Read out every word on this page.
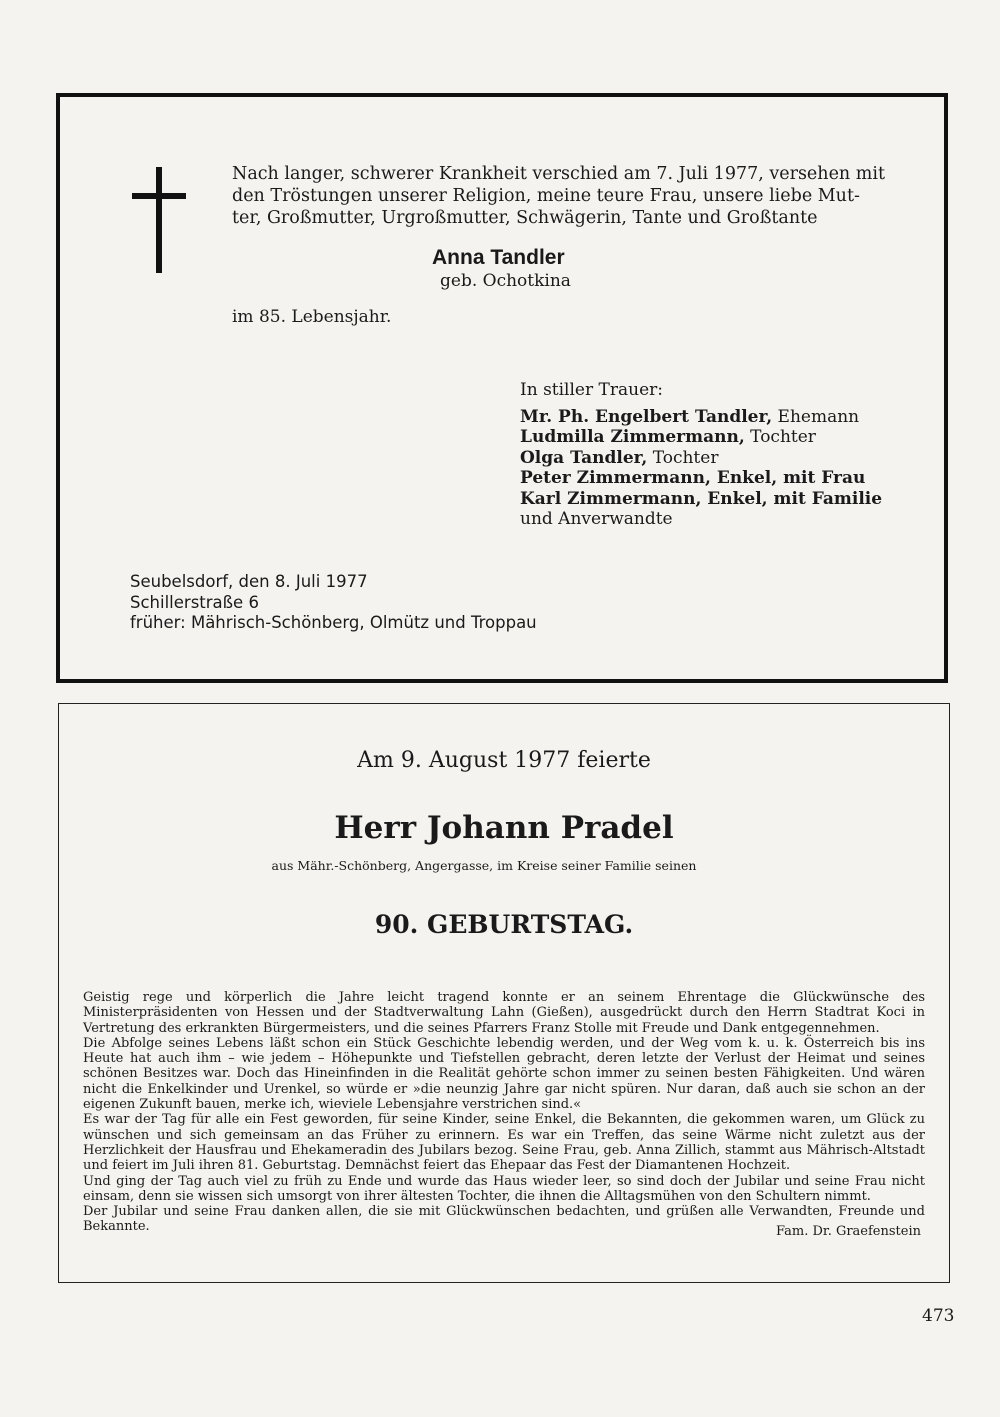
Nach langer, schwerer Krankheit verschied am 7. Juli 1977, versehen mit
den Tröstungen unserer Religion, meine teure Frau, unsere liebe Mut-
ter, Großmutter, Urgroßmutter, Schwägerin, Tante und Großtante

Anna Tandler

geb. Ochotkina

im 85. Lebensjahr.

In stiller Trauer:

Mr. Ph. Engelbert Tandler, Ehemann
Ludmilla Zimmermann, Tochter
Olga Tandler, Tochter
Peter Zimmermann, Enkel, mit Frau
Karl Zimmermann, Enkel, mit Familie

und Anverwandte

Seubelsdorf, den 8. Juli 1977

Schillerstraße 6

früher: Mährisch-Schönberg, Olmütz und Troppau

Am 9. August 1977 feierte

Herr Johann Pradel

aus Mähr.-Schönberg, Angergasse, im Kreise seiner Familie seinen

90. GEBURTSTAG.

Geistig rege und körperlich die Jahre leicht tragend konnte er an seinem Ehrentage die Glückwünsche des Ministerpräsidenten von Hessen und der Stadtverwaltung Lahn (Gießen), ausgedrückt durch den Herrn Stadtrat Koci in Vertretung des erkrankten Bürgermeisters, und die seines Pfarrers Franz Stolle mit Freude und Dank entgegennehmen.

Die Abfolge seines Lebens läßt schon ein Stück Geschichte lebendig werden, und der Weg vom k. u. k. Österreich bis ins Heute hat auch ihm – wie jedem – Höhepunkte und Tiefstellen gebracht, deren letzte der Verlust der Heimat und seines schönen Besitzes war. Doch das Hineinfinden in die Realität gehörte schon immer zu seinen besten Fähigkeiten. Und wären nicht die Enkelkinder und Urenkel, so würde er »die neunzig Jahre gar nicht spüren. Nur daran, daß auch sie schon an der eigenen Zukunft bauen, merke ich, wieviele Lebensjahre verstrichen sind.«

Es war der Tag für alle ein Fest geworden, für seine Kinder, seine Enkel, die Bekannten, die gekommen waren, um Glück zu wünschen und sich gemeinsam an das Früher zu erinnern. Es war ein Treffen, das seine Wärme nicht zuletzt aus der Herzlichkeit der Hausfrau und Ehekameradin des Jubilars bezog. Seine Frau, geb. Anna Zillich, stammt aus Mährisch-Altstadt und feiert im Juli ihren 81. Geburtstag. Demnächst feiert das Ehepaar das Fest der Diamantenen Hochzeit.

Und ging der Tag auch viel zu früh zu Ende und wurde das Haus wieder leer, so sind doch der Jubilar und seine Frau nicht einsam, denn sie wissen sich umsorgt von ihrer ältesten Tochter, die ihnen die Alltagsmühen von den Schultern nimmt.

Der Jubilar und seine Frau danken allen, die sie mit Glückwünschen bedachten, und grüßen alle Verwandten, Freunde und Bekannte.	Fam. Dr. Graefenstein

473
